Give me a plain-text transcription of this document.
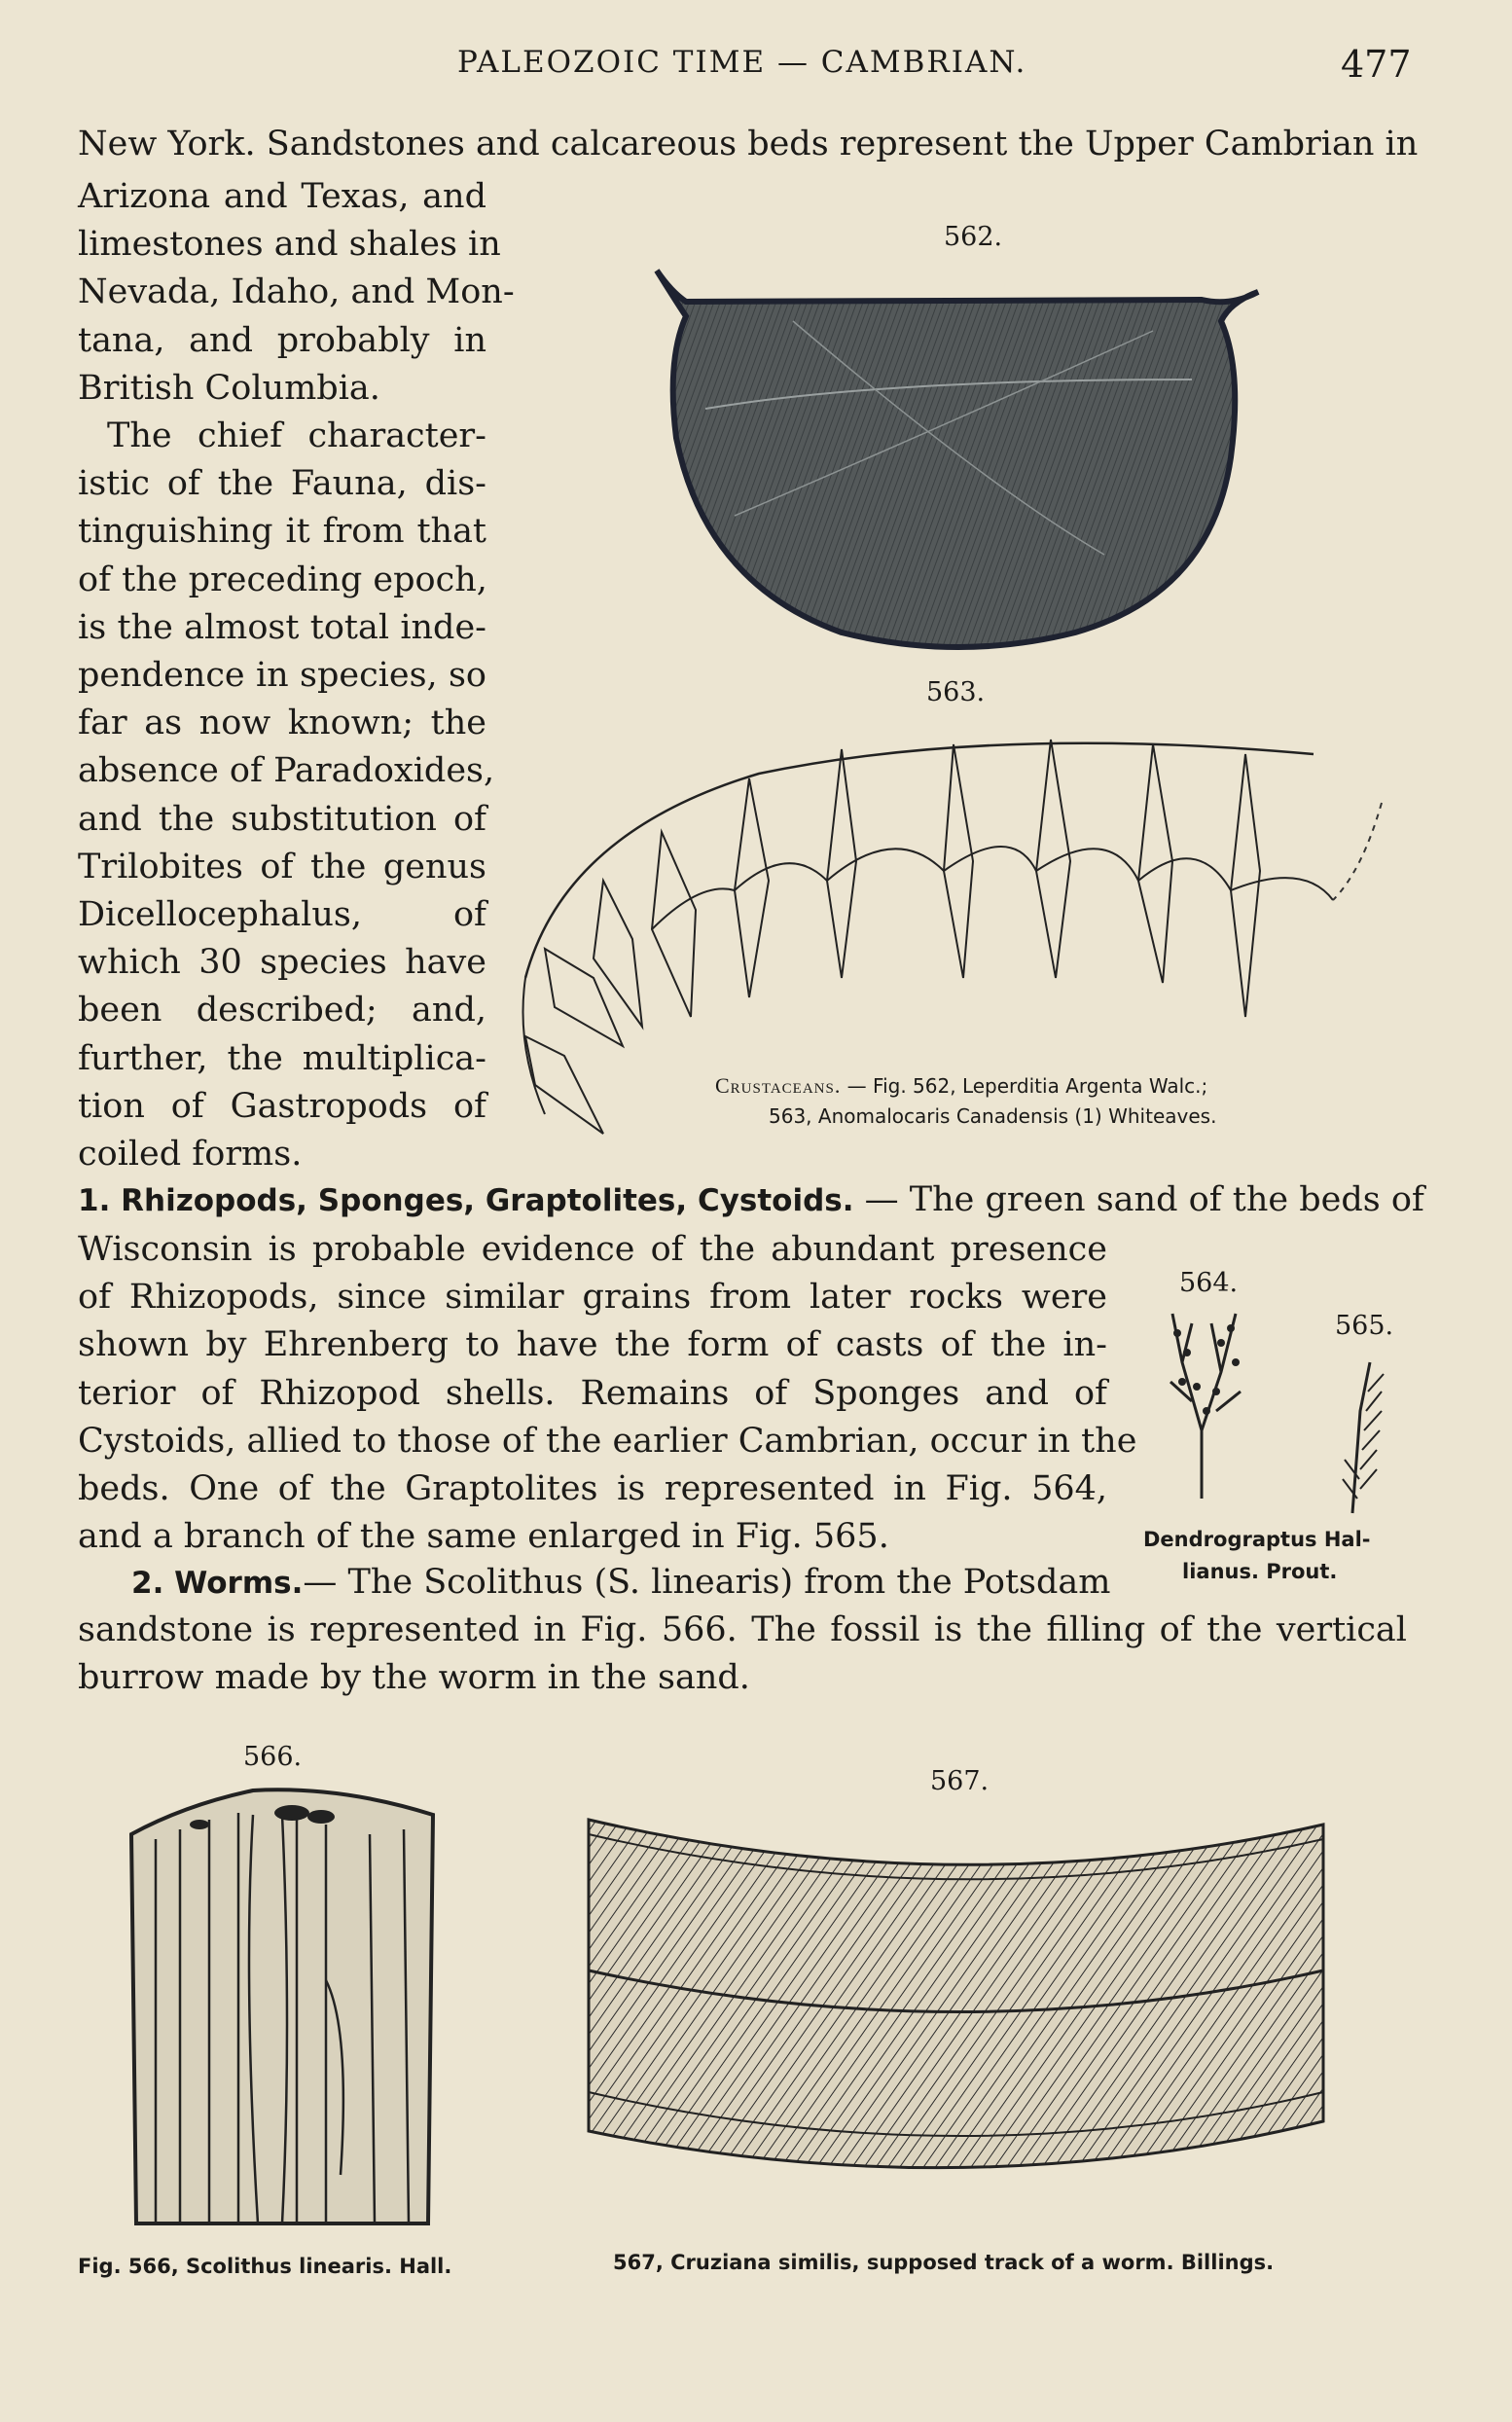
PALEOZOIC TIME — CAMBRIAN.	477
New York. Sandstones and calcareous beds represent the Upper Cambrian in
Arizona and Texas, and
limestones and shales in
Nevada, Idaho, and Mon-
tana, and probably in
British Columbia.
The chief character-
istic of the Fauna, dis-
tinguishing it from that
of the preceding epoch,
is the almost total inde-
pendence in species, so
far as now known; the
absence of Paradoxides,
and the substitution of
Trilobites of the genus
Dicellocephalus, of
which 30 species have
been described; and,
further, the multiplica-
tion of Gastropods of
coiled forms.
562.
563.
Crustaceans. — Fig. 562, Leperditia Argenta Walc.;
563, Anomalocaris Canadensis (1) Whiteaves.
1. Rhizopods, Sponges, Graptolites, Cystoids. — The green sand of the beds of
Wisconsin is probable evidence of the abundant presence
of Rhizopods, since similar grains from later rocks were
shown by Ehrenberg to have the form of casts of the in-
terior of Rhizopod shells. Remains of Sponges and of
Cystoids, allied to those of the earlier Cambrian, occur in the
beds. One of the Graptolites is represented in Fig. 564,
and a branch of the same enlarged in Fig. 565.
564.
565.
Dendrograptus Hal-
lianus. Prout.
2. Worms.— The Scolithus (S. linearis) from the Potsdam
sandstone is represented in Fig. 566. The fossil is the filling of the vertical
burrow made by the worm in the sand.
566.
Fig. 566, Scolithus linearis. Hall.
567.
567, Cruziana similis, supposed track of a worm. Billings.
